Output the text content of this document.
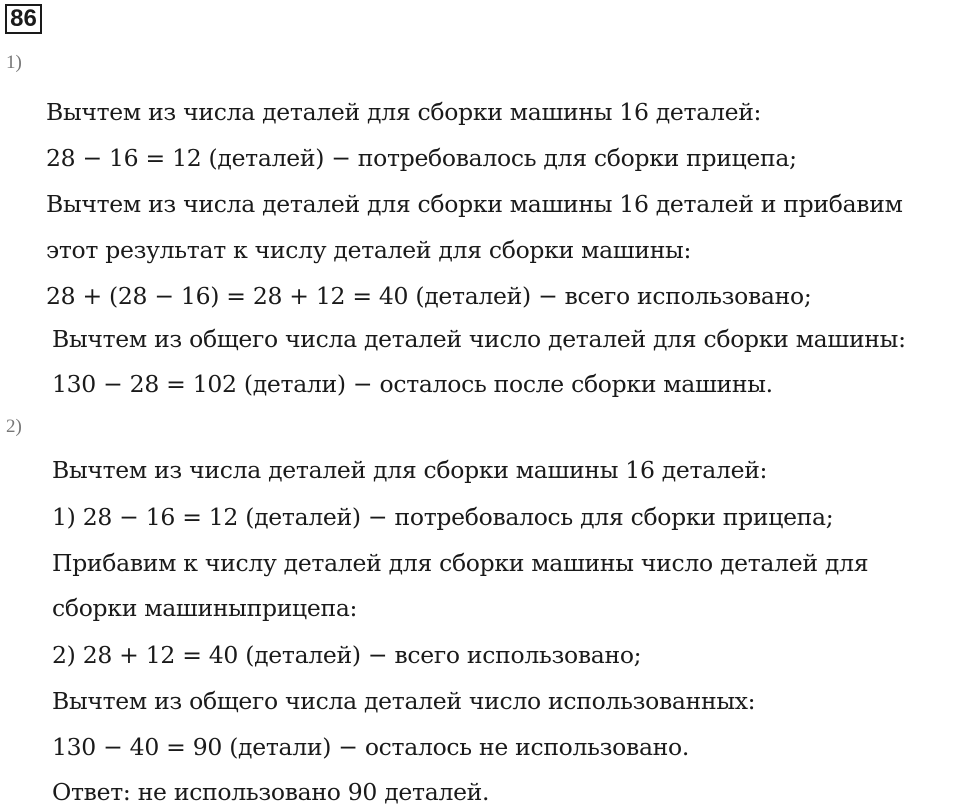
86
1)
Вычтем из числа деталей для сборки машины 16 деталей:
28 − 16 = 12 (деталей) − потребовалось для сборки прицепа;
Вычтем из числа деталей для сборки машины 16 деталей и прибавим
этот результат к числу деталей для сборки машины:
28 + (28 − 16) = 28 + 12 = 40 (деталей) − всего использовано;
Вычтем из общего числа деталей число деталей для сборки машины:
130 − 28 = 102 (детали) − осталось после сборки машины.
2)
Вычтем из числа деталей для сборки машины 16 деталей:
1) 28 − 16 = 12 (деталей) − потребовалось для сборки прицепа;
Прибавим к числу деталей для сборки машины число деталей для
сборки машиныприцепа:
2) 28 + 12 = 40 (деталей) − всего использовано;
Вычтем из общего числа деталей число использованных:
130 − 40 = 90 (детали) − осталось не использовано.
Ответ: не использовано 90 деталей.
